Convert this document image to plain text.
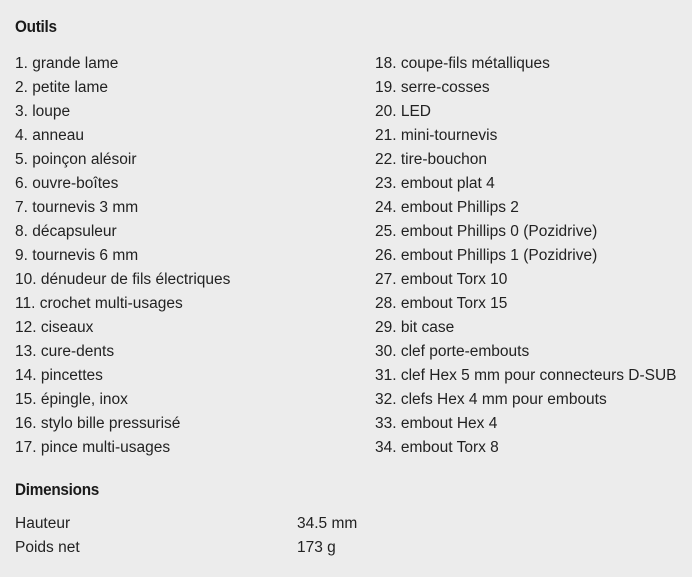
Outils
1. grande lame
2. petite lame
3. loupe
4. anneau
5. poinçon alésoir
6. ouvre-boîtes
7. tournevis 3 mm
8. décapsuleur
9. tournevis 6 mm
10. dénudeur de fils électriques
11. crochet multi-usages
12. ciseaux
13. cure-dents
14. pincettes
15. épingle, inox
16. stylo bille pressurisé
17. pince multi-usages
18. coupe-fils métalliques
19. serre-cosses
20. LED
21. mini-tournevis
22. tire-bouchon
23. embout plat 4
24. embout Phillips 2
25. embout Phillips 0 (Pozidrive)
26. embout Phillips 1 (Pozidrive)
27. embout Torx 10
28. embout Torx 15
29. bit case
30. clef porte-embouts
31. clef Hex 5 mm pour connecteurs D-SUB
32. clefs Hex 4 mm pour embouts
33. embout Hex 4
34. embout Torx 8
Dimensions
Hauteur	34.5 mm
Poids net	173 g
